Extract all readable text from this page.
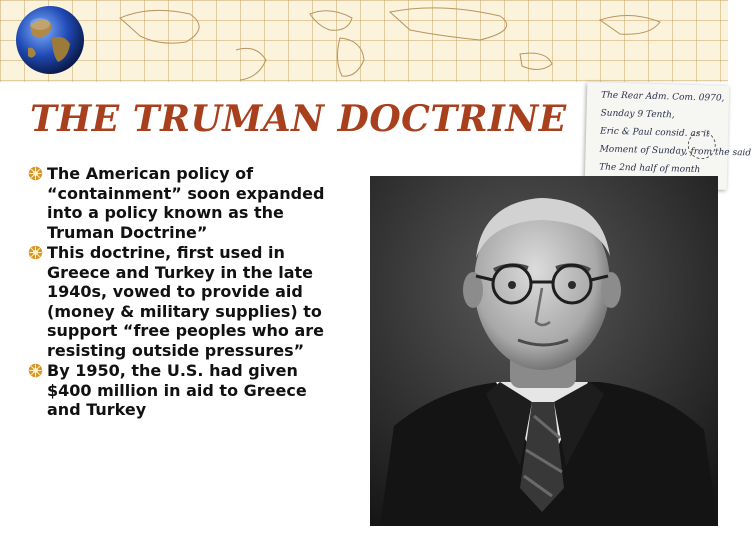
THE TRUMAN DOCTRINE
The Rear Adm. Com. 0970,
Sunday 9 Tenth,
Eric & Paul consid. as it
Moment of Sunday, from the said
The 2nd half of month
The American policy of “containment” soon expanded into a policy known as the Truman Doctrine”
This doctrine, first used in Greece and Turkey in the late 1940s, vowed to provide aid (money & military supplies) to support “free peoples who are resisting outside pressures”
By 1950, the U.S. had given $400 million in aid to Greece and Turkey
